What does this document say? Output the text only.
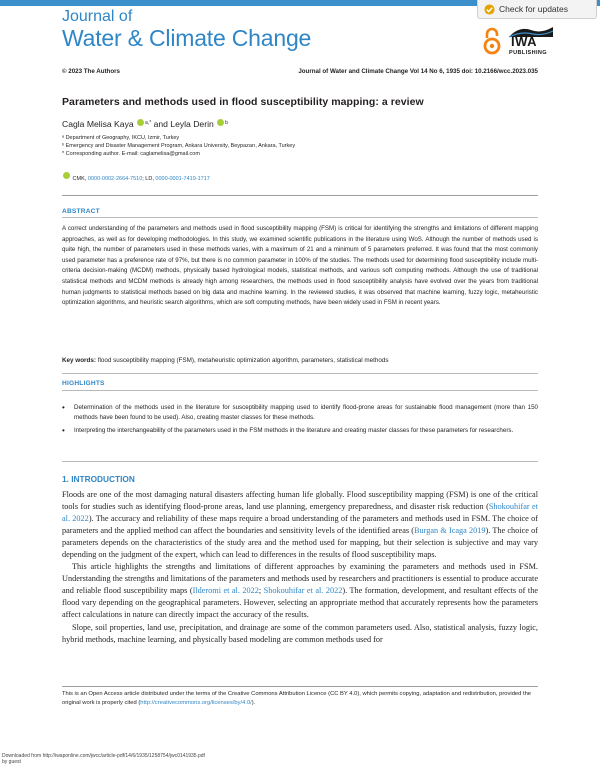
Journal of
Water & Climate Change
Check for updates
IWA
PUBLISHING
© 2023 The Authors	Journal of Water and Climate Change Vol 14 No 6, 1935 doi: 10.2166/wcc.2023.035
Parameters and methods used in flood susceptibility mapping: a review
Cagla Melisa Kaya $^{a,*}$ and Leyla Derin $^b$
ᵃ Department of Geography, IKCU, Izmir, Turkey
ᵇ Emergency and Disaster Management Program, Ankara University, Beypazarı, Ankara, Turkey
* Corresponding author. E-mail: caglamelisa@gmail.com
CMK, 0000-0002-2664-7510; LD, 0000-0001-7419-1717
ABSTRACT
A correct understanding of the parameters and methods used in flood susceptibility mapping (FSM) is critical for identifying the strengths and limitations of different mapping approaches, as well as for developing methodologies. In this study, we examined scientific publications in the literature using WoS. Although the number of methods used is quite high, the number of parameters used in these methods varies, with a maximum of 21 and a minimum of 5 parameters preferred. It was found that the most commonly used parameter has a preference rate of 97%, but there is no common parameter in 100% of the studies. The methods used for determining flood susceptibility include multi-criteria decision-making (MCDM) methods, physically based hydrological models, statistical methods, and various soft computing methods. Although the use of traditional statistical methods and MCDM methods is already high among researchers, the methods used in flood susceptibility analysis have evolved over the years from traditional human judgments to statistical methods based on big data and machine learning. In the reviewed studies, it was observed that machine learning, fuzzy logic, metaheuristic optimization algorithms, and heuristic search algorithms, which are soft computing methods, have been widely used in FSM in recent years.
Key words: flood susceptibility mapping (FSM), metaheuristic optimization algorithm, parameters, statistical methods
HIGHLIGHTS
• Determination of the methods used in the literature for susceptibility mapping used to identify flood-prone areas for sustainable flood management (more than 150 methods have been found to be used). Also, creating master classes for these methods.
• Interpreting the interchangeability of the parameters used in the FSM methods in the literature and creating master classes for these parameters for researchers.
1. INTRODUCTION

Floods are one of the most damaging natural disasters affecting human life globally. Flood susceptibility mapping (FSM) is one of the critical tools for studies such as identifying flood-prone areas, land use planning, emergency preparedness, and disaster risk reduction (Shokouhifar et al. 2022). The accuracy and reliability of these maps require a broad understanding of the parameters and methods used in FSM. The choice of parameters and the applied method can affect the boundaries and sensitivity levels of the identified areas (Burgan & Icaga 2019). The choice of parameters depends on the characteristics of the study area and the method used for mapping, but their selection is subjective and may vary depending on the judgment of the expert, which can lead to differences in the results of flood susceptibility maps.

This article highlights the strengths and limitations of different approaches by examining the parameters and methods used in FSM. Understanding the strengths and limitations of the parameters and methods used by researchers and practitioners is essential to produce accurate and reliable flood susceptibility maps (Ilderomi et al. 2022; Shokouhifar et al. 2022). The formation, development, and resultant effects of the flood vary depending on the geographical parameters. However, selecting an appropriate method that accurately represents how the parameters affect calculations in nature can directly impact the accuracy of the results.

Slope, soil properties, land use, precipitation, and drainage are some of the common parameters used. Also, statistical analysis, fuzzy logic, hybrid methods, machine learning, and physically based modeling are common methods used for

This is an Open Access article distributed under the terms of the Creative Commons Attribution Licence (CC BY 4.0), which permits copying, adaptation and redistribution, provided the original work is properly cited (http://creativecommons.org/licenses/by/4.0/).
Downloaded from http://iwaponline.com/jwcc/article-pdf/14/6/1935/1258754/jwc0141935.pdf
by guest
